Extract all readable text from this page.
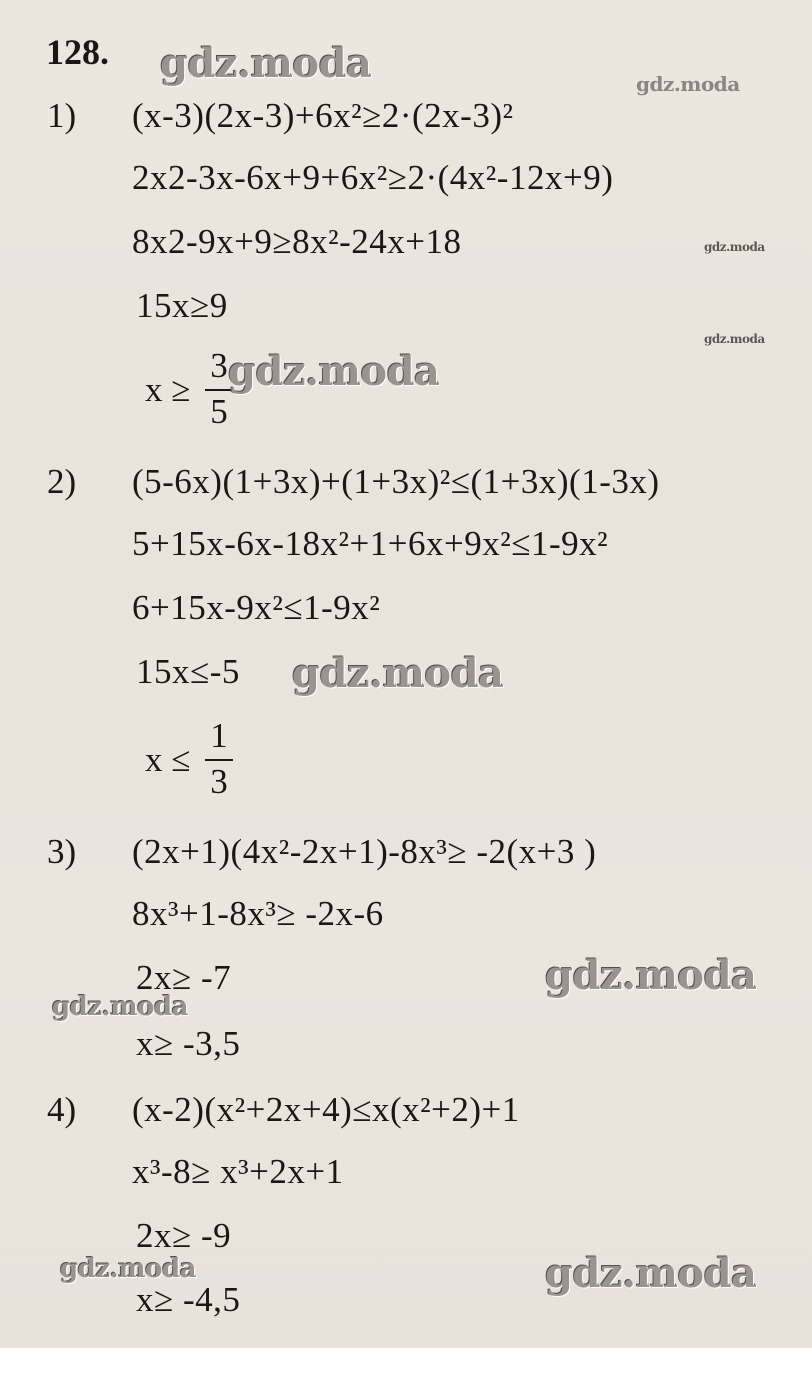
128.
1) (x-3)(2x-3)+6x²≥2·(2x-3)²
2x2-3x-6x+9+6x²≥2·(4x²-12x+9)
8x2-9x+9≥8x²-24x+18
15x≥9
x ≥
3
5
2) (5-6x)(1+3x)+(1+3x)²≤(1+3x)(1-3x)
5+15x-6x-18x²+1+6x+9x²≤1-9x²
6+15x-9x²≤1-9x²
15x≤-5
x ≤
1
3
3) (2x+1)(4x²-2x+1)-8x³≥ -2(x+3 )
8x³+1-8x³≥ -2x-6
2x≥ -7
x≥ -3,5
4) (x-2)(x²+2x+4)≤x(x²+2)+1
x³-8≥ x³+2x+1
2x≥ -9
x≥ -4,5
gdz.moda	gdz.moda
gdz.moda
gdz.moda
gdz.moda
gdz.moda
gdz.moda
gdz.moda
gdz.moda	gdz.moda
